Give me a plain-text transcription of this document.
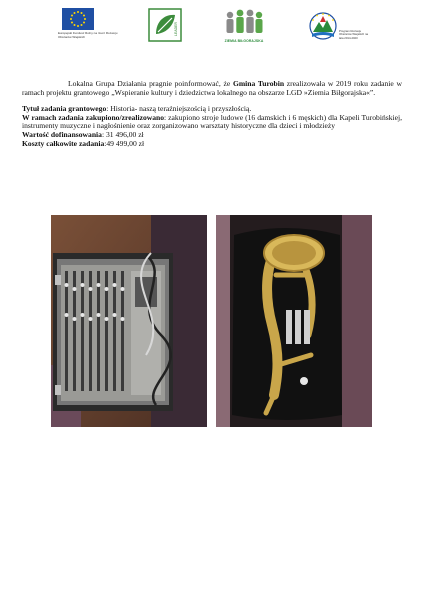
Europejski Fundusz Rolny na rzecz Rozwoju Obszarów Wiejskich
LEADER
ZIEMIA BIŁGORAJSKA
Program Rozwoju Obszarów Wiejskich na lata 2014-2020

Lokalna Grupa Działania pragnie poinformować, że Gmina Turobin zrealizowała w 2019 roku zadanie w ramach projektu grantowego „Wspieranie kultury i dziedzictwa lokalnego na obszarze LGD »Ziemia Biłgorajska«”.

Tytuł zadania grantowego: Historia- naszą teraźniejszością i przyszłością.
W ramach zadania zakupiono/zrealizowano: zakupiono stroje ludowe (16 damskich i 6 męskich) dla Kapeli Turobińskiej, instrumenty muzyczne i nagłośnienie oraz zorganizowano warsztaty historyczne dla dzieci i młodzieży
Wartość dofinansowania: 31 496,00 zł
Koszty całkowite zadania:49 499,00 zł
